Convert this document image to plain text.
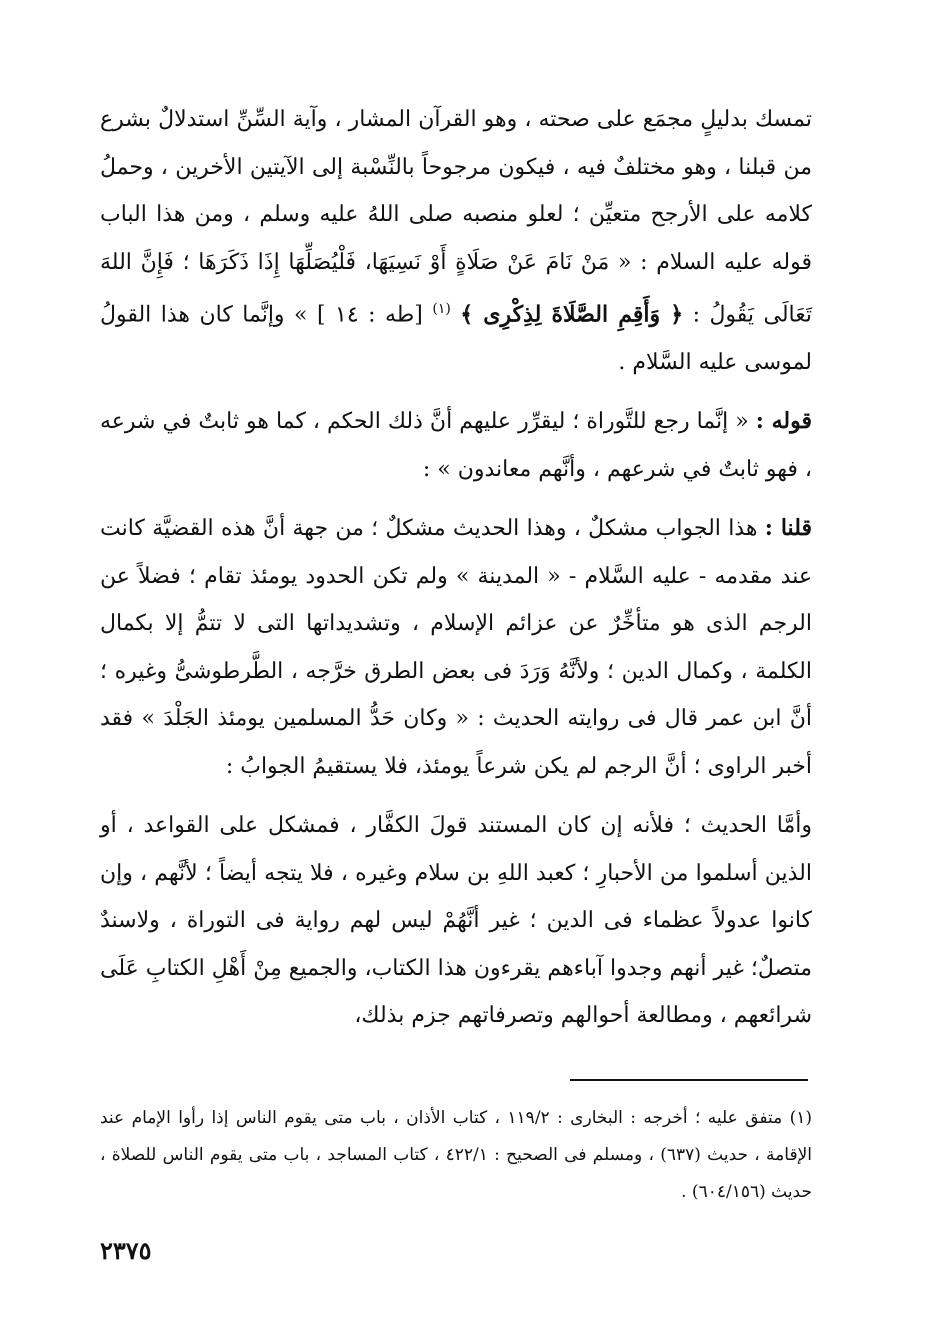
تمسك بدليلٍ مجمَع على صحته ، وهو القرآن المشار ، وآية السِّنِّ استدلالٌ بشرع من قبلنا ، وهو مختلفٌ فيه ، فيكون مرجوحاً بالنِّسْبة إلى الآيتين الأخرين ، وحملُ كلامه على الأرجح متعيِّن ؛ لعلو منصبه صلى اللهُ عليه وسلم ، ومن هذا الباب قوله عليه السلام : « مَنْ نَامَ عَنْ صَلَاةٍ أَوْ نَسِيَهَا، فَلْيُصَلِّهَا إِذَا ذَكَرَهَا ؛ فَإِنَّ اللهَ تَعَالَى يَقُولُ : ﴿ وَأَقِمِ الصَّلَاةَ لِذِكْرِى ﴾ $^{(١)}$ [طه : ١٤ ] » وإنَّما كان هذا القولُ لموسى عليه السَّلام .

قوله : « إنَّما رجع للتَّوراة ؛ ليقرِّر عليهم أنَّ ذلك الحكم ، كما هو ثابتٌ في شرعه ، فهو ثابتٌ في شرعهم ، وأنَّهم معاندون » :

قلنا : هذا الجواب مشكلٌ ، وهذا الحديث مشكلٌ ؛ من جهة أنَّ هذه القضيَّة كانت عند مقدمه - عليه السَّلام - « المدينة » ولم تكن الحدود يومئذ تقام ؛ فضلاً عن الرجم الذى هو متأخِّرٌ عن عزائم الإسلام ، وتشديداتها التى لا تتمُّ إلا بكمال الكلمة ، وكمال الدين ؛ ولأنَّهُ وَرَدَ فى بعض الطرق خرَّجه ، الطَّرطوشىُّ وغيره ؛ أنَّ ابن عمر قال فى روايته الحديث : « وكان حَدُّ المسلمين يومئذ الجَلْدَ » فقد أخبر الراوى ؛ أنَّ الرجم لم يكن شرعاً يومئذ، فلا يستقيمُ الجوابُ :

وأمَّا الحديث ؛ فلأنه إن كان المستند قولَ الكفَّار ، فمشكل على القواعد ، أو الذين أسلموا من الأحبارِ ؛ كعبد اللهِ بن سلام وغيره ، فلا يتجه أيضاً ؛ لأنَّهم ، وإن كانوا عدولاً عظماء فى الدين ؛ غير أنَّهُمْ ليس لهم رواية فى التوراة ، ولاسندٌ متصلٌ؛ غير أنهم وجدوا آباءهم يقرءون هذا الكتاب، والجميع مِنْ أَهْلِ الكتابِ عَلَى شرائعهم ، ومطالعة أحوالهم وتصرفاتهم جزم بذلك،

(١) متفق عليه ؛ أخرجه : البخارى : ١١٩/٢ ، كتاب الأذان ، باب متى يقوم الناس إذا رأوا الإمام عند الإقامة ، حديث (٦٣٧) ، ومسلم فى الصحيح : ٤٢٢/١ ، كتاب المساجد ، باب متى يقوم الناس للصلاة ، حديث (٦٠٤/١٥٦) .

٢٣٧٥
